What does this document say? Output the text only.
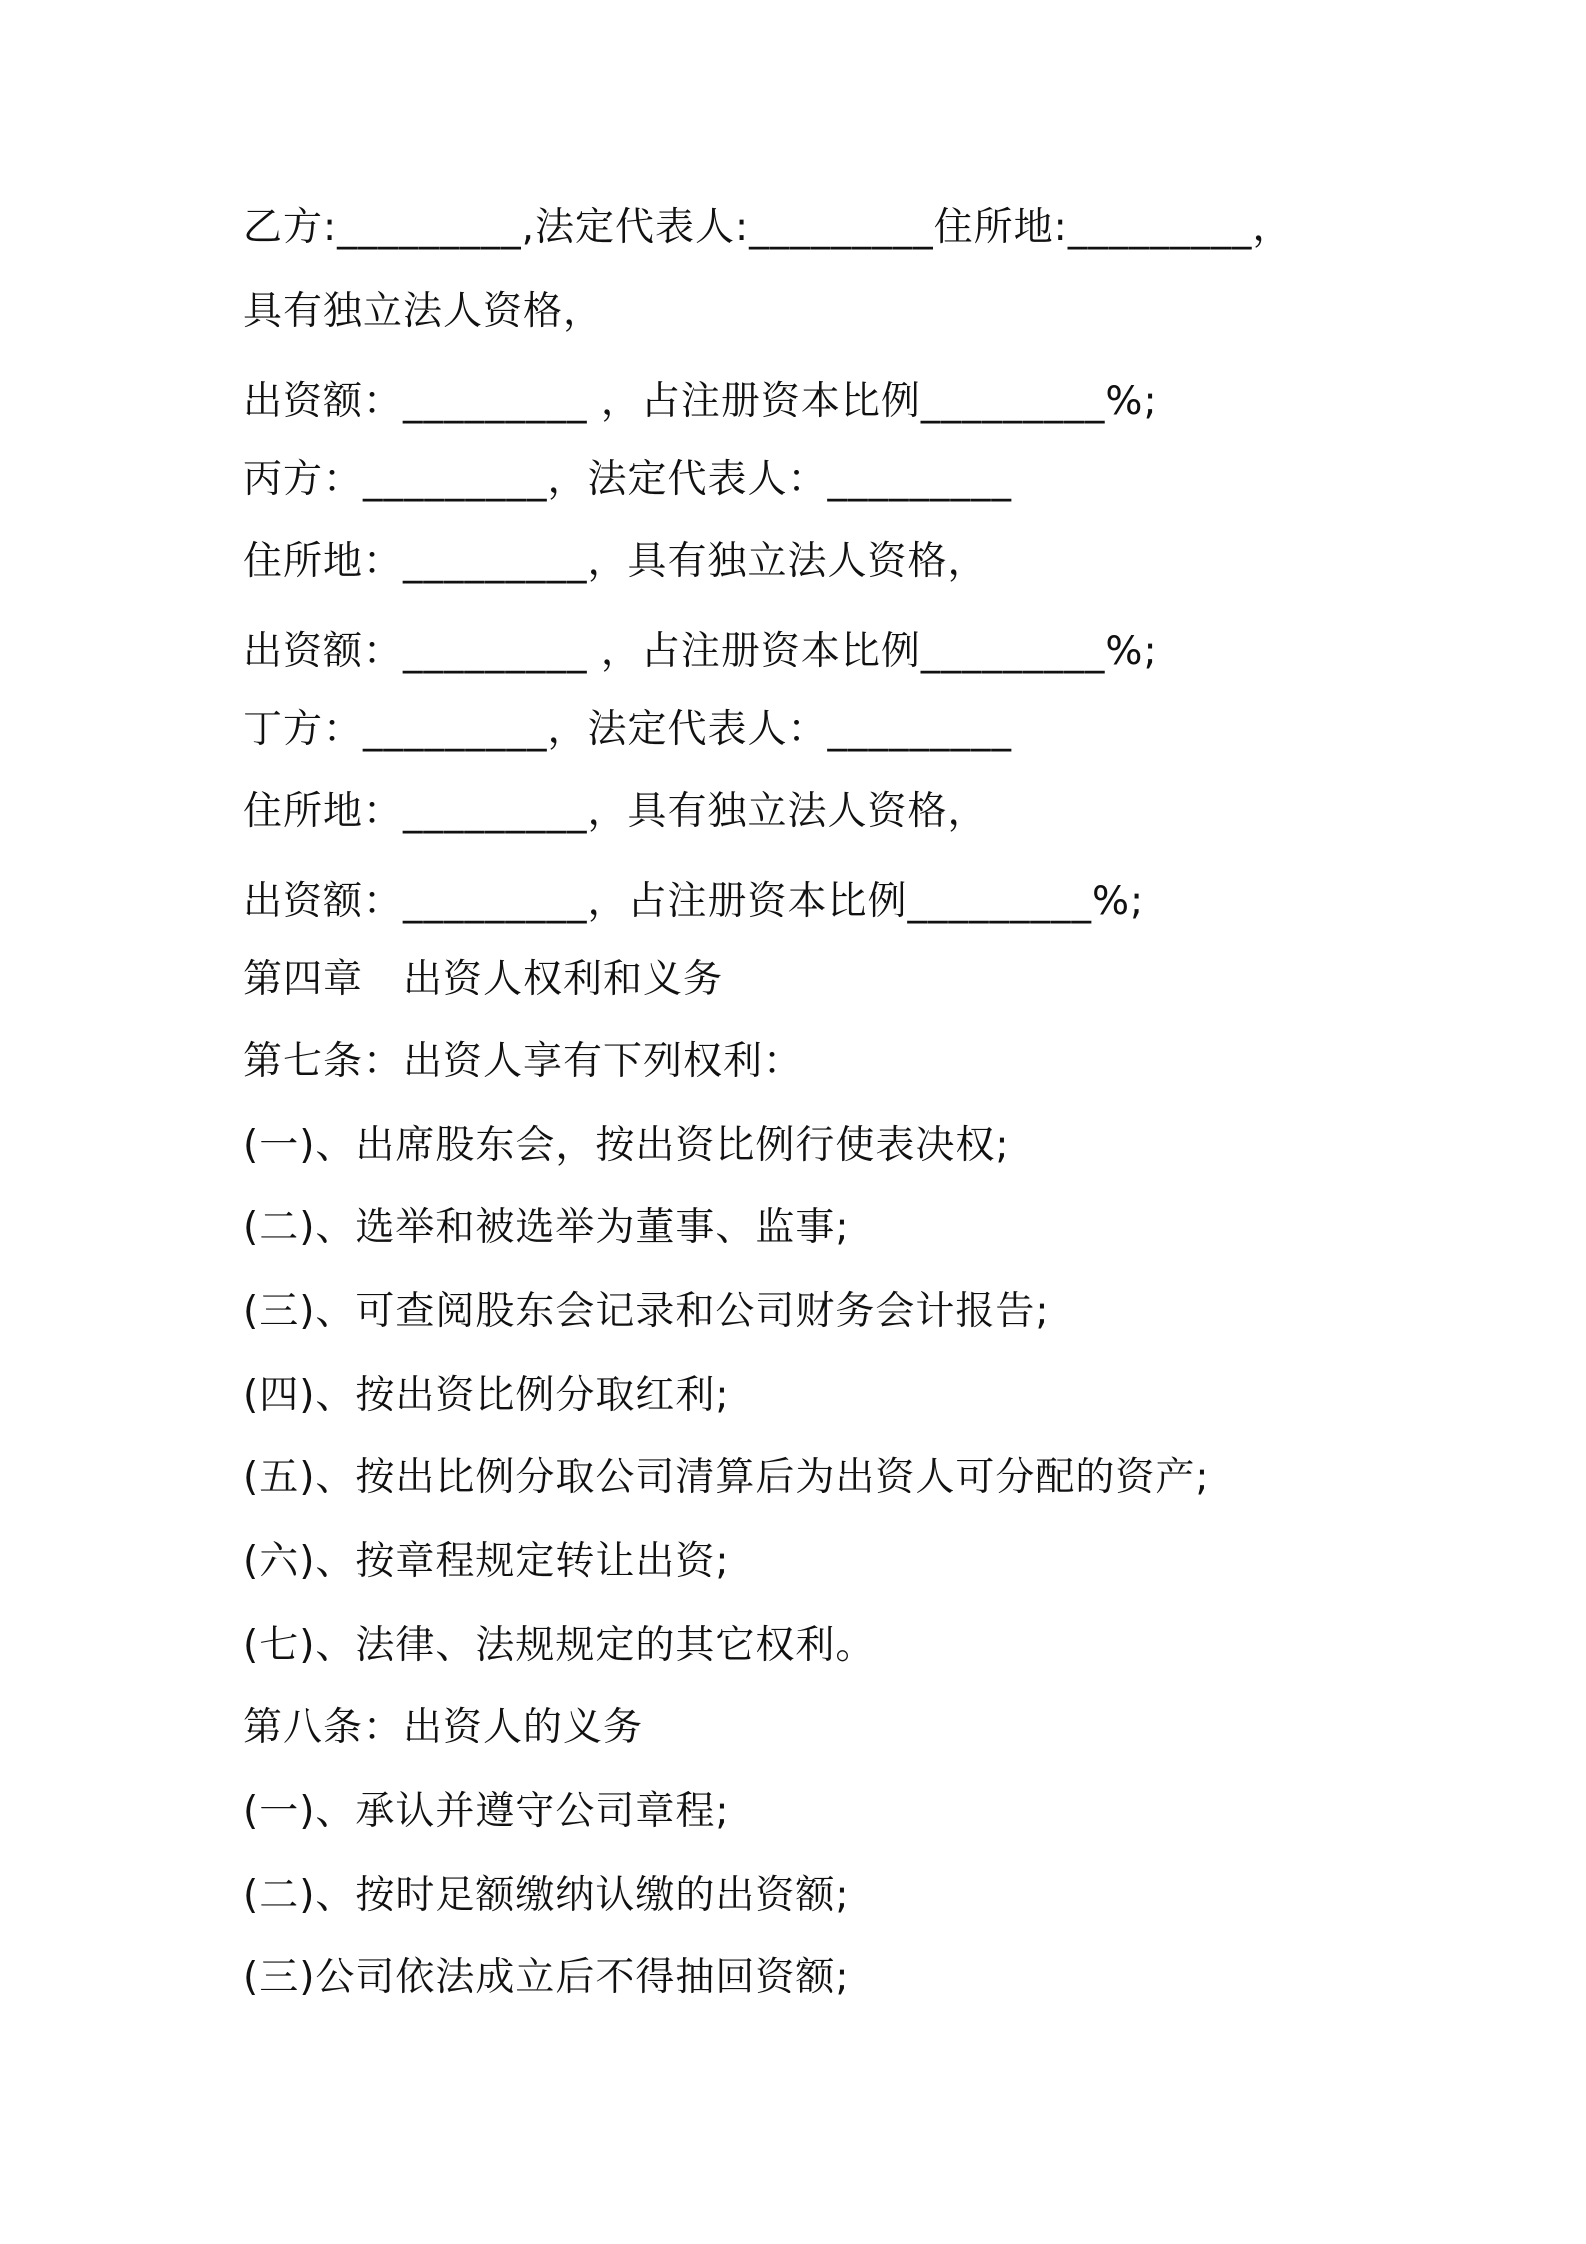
乙方:_________,法定代表人:_________住所地:_________，
具有独立法人资格，
出资额：_________ ，占注册资本比例_________%;
丙方：_________，法定代表人：_________
住所地：_________，具有独立法人资格，
出资额：_________ ，占注册资本比例_________%;
丁方：_________，法定代表人：_________
住所地：_________，具有独立法人资格，
出资额：_________，占注册资本比例_________%;
第四章　出资人权利和义务
第七条：出资人享有下列权利：
(一)、出席股东会，按出资比例行使表决权;
(二)、选举和被选举为董事、监事;
(三)、可查阅股东会记录和公司财务会计报告;
(四)、按出资比例分取红利;
(五)、按出比例分取公司清算后为出资人可分配的资产;
(六)、按章程规定转让出资;
(七)、法律、法规规定的其它权利。
第八条：出资人的义务
(一)、承认并遵守公司章程;
(二)、按时足额缴纳认缴的出资额;
(三)公司依法成立后不得抽回资额;
